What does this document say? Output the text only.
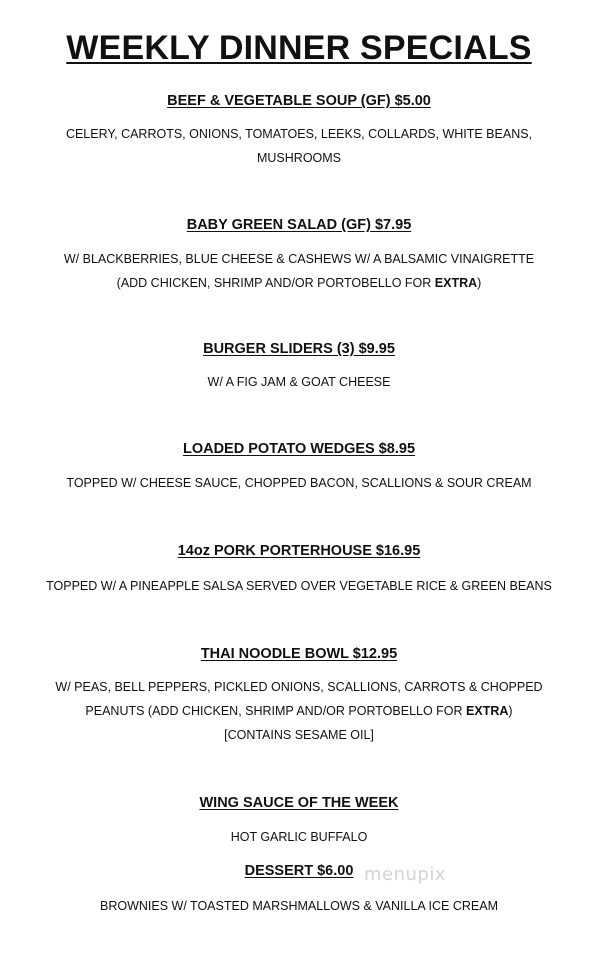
WEEKLY DINNER SPECIALS
BEEF & VEGETABLE SOUP (GF) $5.00
CELERY, CARROTS, ONIONS, TOMATOES, LEEKS, COLLARDS, WHITE BEANS,
MUSHROOMS
BABY GREEN SALAD (GF) $7.95
W/ BLACKBERRIES, BLUE CHEESE & CASHEWS W/ A BALSAMIC VINAIGRETTE
(ADD CHICKEN, SHRIMP AND/OR PORTOBELLO FOR EXTRA)
BURGER SLIDERS (3) $9.95
W/ A FIG JAM & GOAT CHEESE
LOADED POTATO WEDGES $8.95
TOPPED W/ CHEESE SAUCE, CHOPPED BACON, SCALLIONS & SOUR CREAM
14oz PORK PORTERHOUSE $16.95
TOPPED W/ A PINEAPPLE SALSA SERVED OVER VEGETABLE RICE & GREEN BEANS
THAI NOODLE BOWL $12.95
W/ PEAS, BELL PEPPERS, PICKLED ONIONS, SCALLIONS, CARROTS & CHOPPED
PEANUTS (ADD CHICKEN, SHRIMP AND/OR PORTOBELLO FOR EXTRA)
[CONTAINS SESAME OIL]
WING SAUCE OF THE WEEK
HOT GARLIC BUFFALO
DESSERT $6.00
BROWNIES W/ TOASTED MARSHMALLOWS & VANILLA ICE CREAM
menupix
